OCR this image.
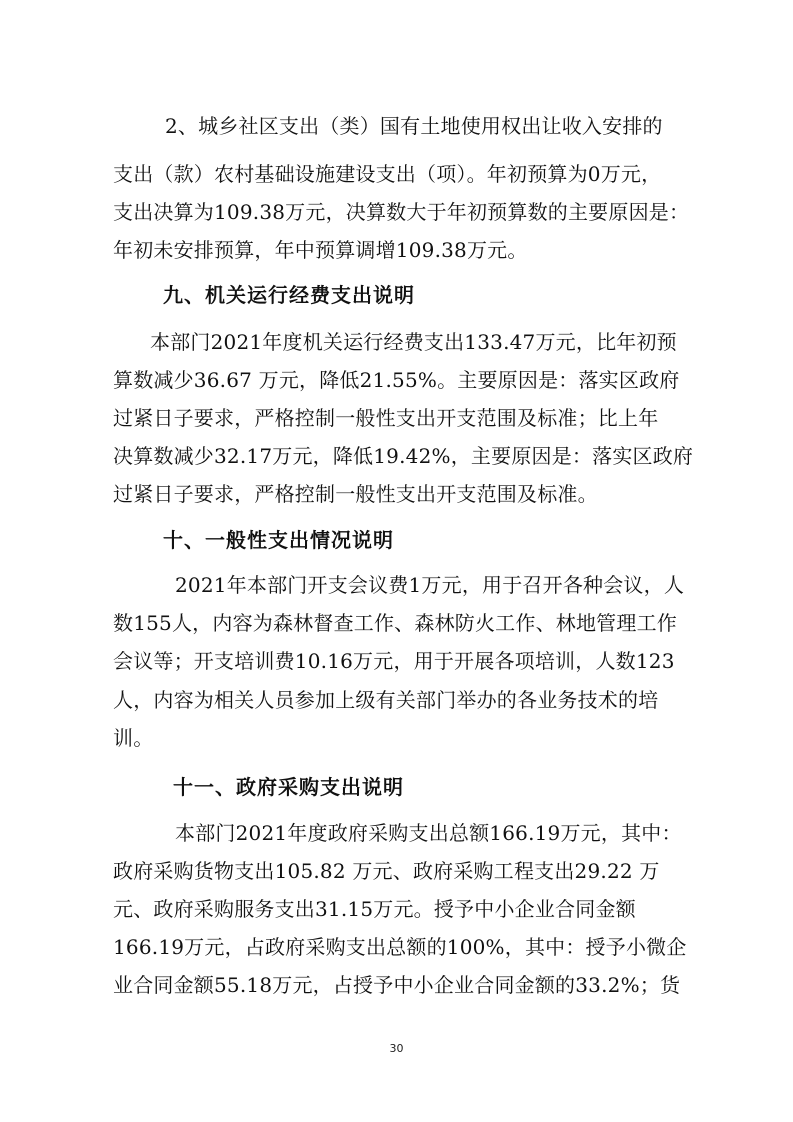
2、城乡社区支出（类）国有土地使用权出让收入安排的
支出（款）农村基础设施建设支出（项）。年初预算为0万元，
支出决算为109.38万元，决算数大于年初预算数的主要原因是：
年初未安排预算，年中预算调增109.38万元。
九、机关运行经费支出说明
本部门2021年度机关运行经费支出133.47万元，比年初预
算数减少36.67 万元，降低21.55%。主要原因是：落实区政府
过紧日子要求，严格控制一般性支出开支范围及标准；比上年
决算数减少32.17万元，降低19.42%，主要原因是：落实区政府
过紧日子要求，严格控制一般性支出开支范围及标准。
十、一般性支出情况说明
2021年本部门开支会议费1万元，用于召开各种会议，人
数155人，内容为森林督查工作、森林防火工作、林地管理工作
会议等；开支培训费10.16万元，用于开展各项培训，人数123
人，内容为相关人员参加上级有关部门举办的各业务技术的培
训。
十一、政府采购支出说明
本部门2021年度政府采购支出总额166.19万元，其中：
政府采购货物支出105.82 万元、政府采购工程支出29.22 万
元、政府采购服务支出31.15万元。授予中小企业合同金额
166.19万元，占政府采购支出总额的100%，其中：授予小微企
业合同金额55.18万元，占授予中小企业合同金额的33.2%；货
30
